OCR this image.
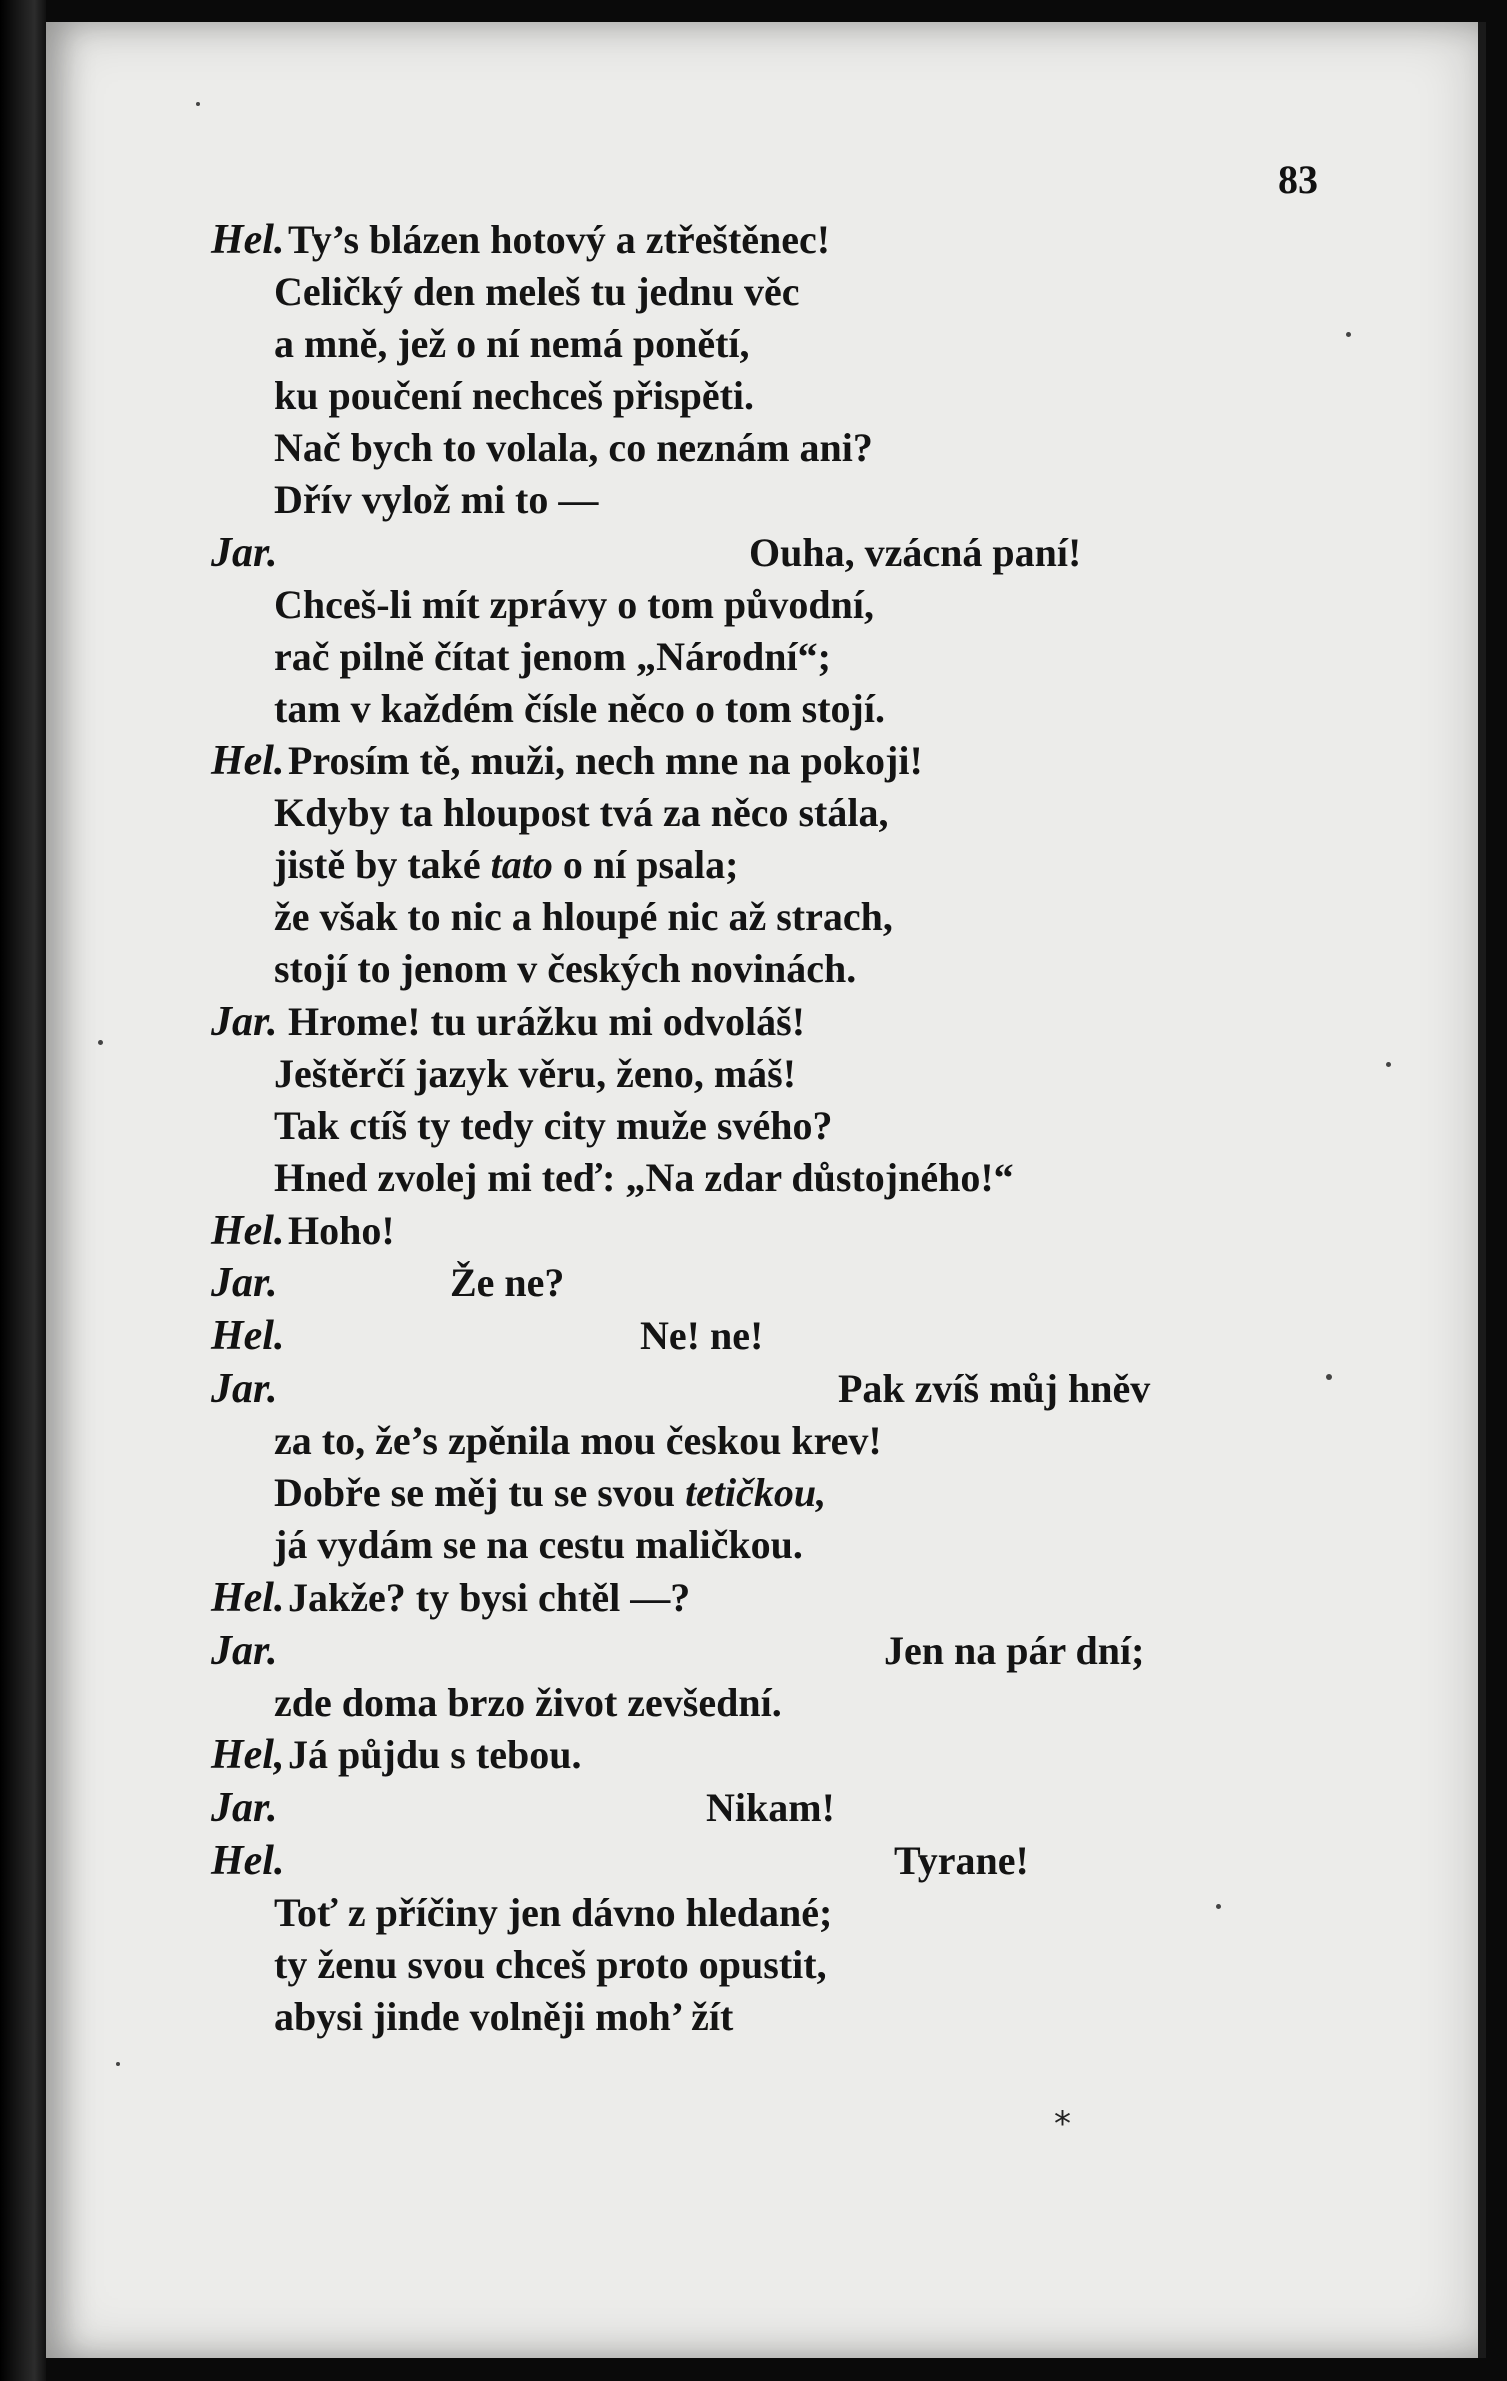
83
Hel. Ty’s blázen hotový a ztřeštěnec!
Celičký den meleš tu jednu věc
a mně, jež o ní nemá ponětí,
ku poučení nechceš přispěti.
Nač bych to volala, co neznám ani?
Dřív vylož mi to —
Jar.	Ouha, vzácná paní!
Chceš-li mít zprávy o tom původní,
rač pilně čítat jenom „Národní“;
tam v každém čísle něco o tom stojí.
Hel. Prosím tě, muži, nech mne na pokoji!
Kdyby ta hloupost tvá za něco stála,
jistě by také tato o ní psala;
že však to nic a hloupé nic až strach,
stojí to jenom v českých novinách.
Jar. Hrome! tu urážku mi odvoláš!
Ještěrčí jazyk věru, ženo, máš!
Tak ctíš ty tedy city muže svého?
Hned zvolej mi teď: „Na zdar důstojného!“
Hel. Hoho!
Jar.	Že ne?
Hel.	Ne! ne!
Jar.	Pak zvíš můj hněv
za to, že’s zpěnila mou českou krev!
Dobře se měj tu se svou tetičkou,
já vydám se na cestu maličkou.
Hel. Jakže? ty bysi chtěl —?
Jar.	Jen na pár dní;
zde doma brzo život zevšední.
Hel, Já půjdu s tebou.
Jar.	Nikam!
Hel.	Tyrane!
Toť z příčiny jen dávno hledané;
ty ženu svou chceš proto opustit,
abysi jinde volněji moh’ žít
*
